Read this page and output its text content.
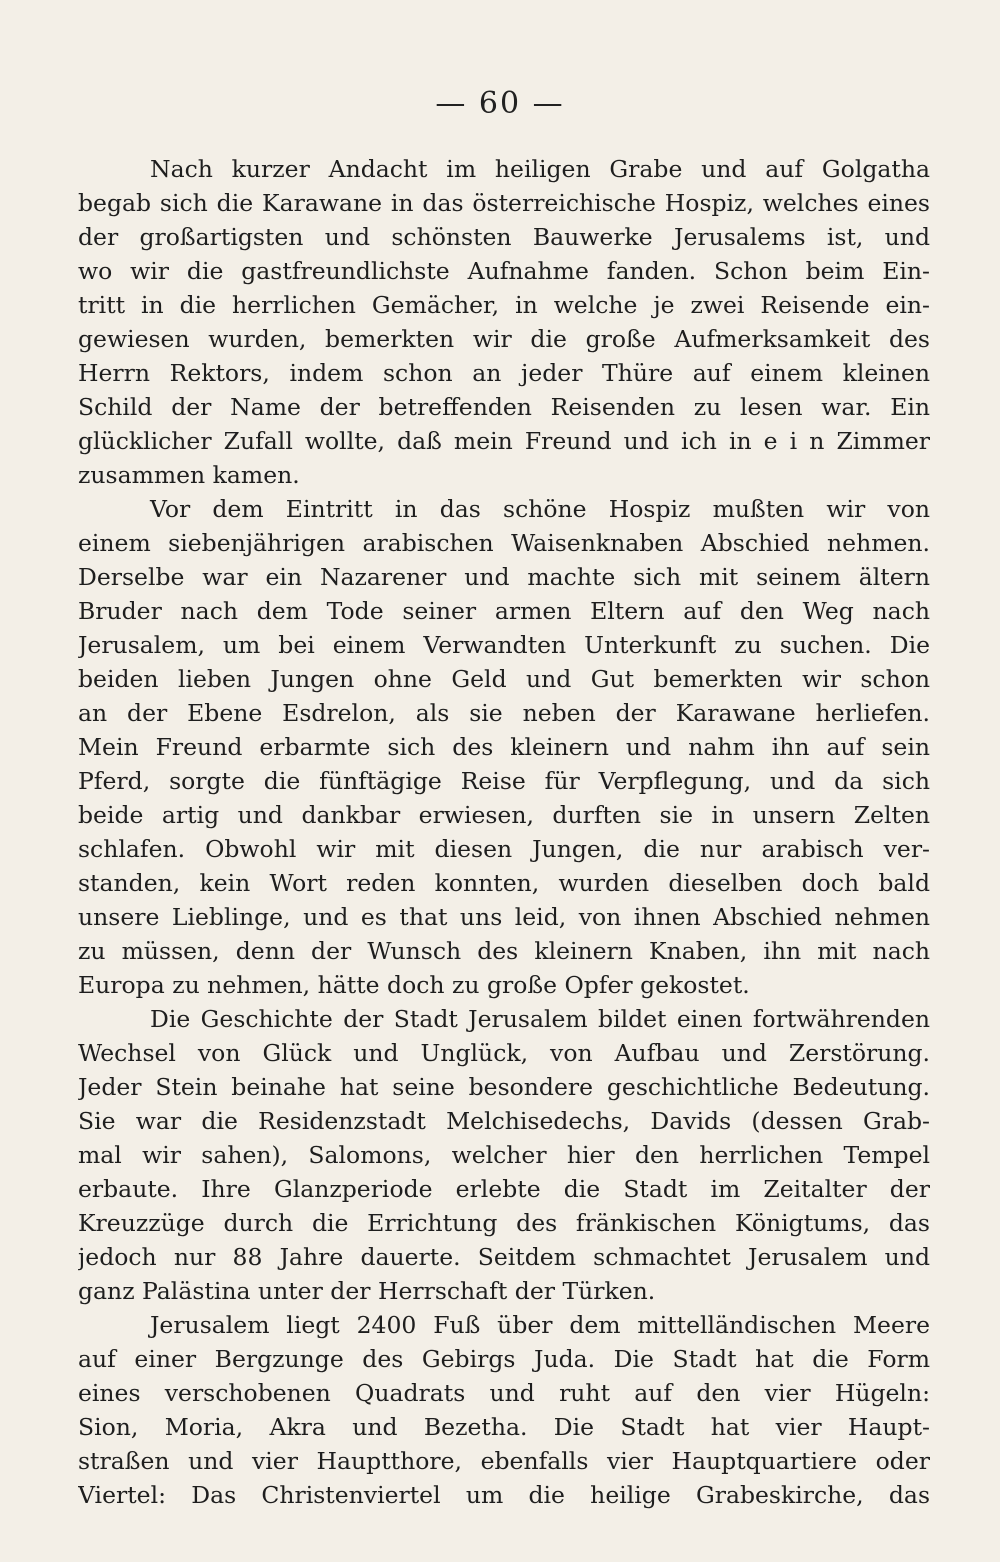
— 60 —
Nach kurzer Andacht im heiligen Grabe und auf Golgatha
begab sich die Karawane in das österreichische Hospiz, welches eines
der großartigsten und schönsten Bauwerke Jerusalems ist, und
wo wir die gastfreundlichste Aufnahme fanden. Schon beim Ein-
tritt in die herrlichen Gemächer, in welche je zwei Reisende ein-
gewiesen wurden, bemerkten wir die große Aufmerksamkeit des
Herrn Rektors, indem schon an jeder Thüre auf einem kleinen
Schild der Name der betreffenden Reisenden zu lesen war. Ein
glücklicher Zufall wollte, daß mein Freund und ich in e i n Zimmer
zusammen kamen.
Vor dem Eintritt in das schöne Hospiz mußten wir von
einem siebenjährigen arabischen Waisenknaben Abschied nehmen.
Derselbe war ein Nazarener und machte sich mit seinem ältern
Bruder nach dem Tode seiner armen Eltern auf den Weg nach
Jerusalem, um bei einem Verwandten Unterkunft zu suchen. Die
beiden lieben Jungen ohne Geld und Gut bemerkten wir schon
an der Ebene Esdrelon, als sie neben der Karawane herliefen.
Mein Freund erbarmte sich des kleinern und nahm ihn auf sein
Pferd, sorgte die fünftägige Reise für Verpflegung, und da sich
beide artig und dankbar erwiesen, durften sie in unsern Zelten
schlafen. Obwohl wir mit diesen Jungen, die nur arabisch ver-
standen, kein Wort reden konnten, wurden dieselben doch bald
unsere Lieblinge, und es that uns leid, von ihnen Abschied nehmen
zu müssen, denn der Wunsch des kleinern Knaben, ihn mit nach
Europa zu nehmen, hätte doch zu große Opfer gekostet.
Die Geschichte der Stadt Jerusalem bildet einen fortwährenden
Wechsel von Glück und Unglück, von Aufbau und Zerstörung.
Jeder Stein beinahe hat seine besondere geschichtliche Bedeutung.
Sie war die Residenzstadt Melchisedechs, Davids (dessen Grab-
mal wir sahen), Salomons, welcher hier den herrlichen Tempel
erbaute. Ihre Glanzperiode erlebte die Stadt im Zeitalter der
Kreuzzüge durch die Errichtung des fränkischen Königtums, das
jedoch nur 88 Jahre dauerte. Seitdem schmachtet Jerusalem und
ganz Palästina unter der Herrschaft der Türken.
Jerusalem liegt 2400 Fuß über dem mittelländischen Meere
auf einer Bergzunge des Gebirgs Juda. Die Stadt hat die Form
eines verschobenen Quadrats und ruht auf den vier Hügeln:
Sion, Moria, Akra und Bezetha. Die Stadt hat vier Haupt-
straßen und vier Hauptthore, ebenfalls vier Hauptquartiere oder
Viertel: Das Christenviertel um die heilige Grabeskirche, das
